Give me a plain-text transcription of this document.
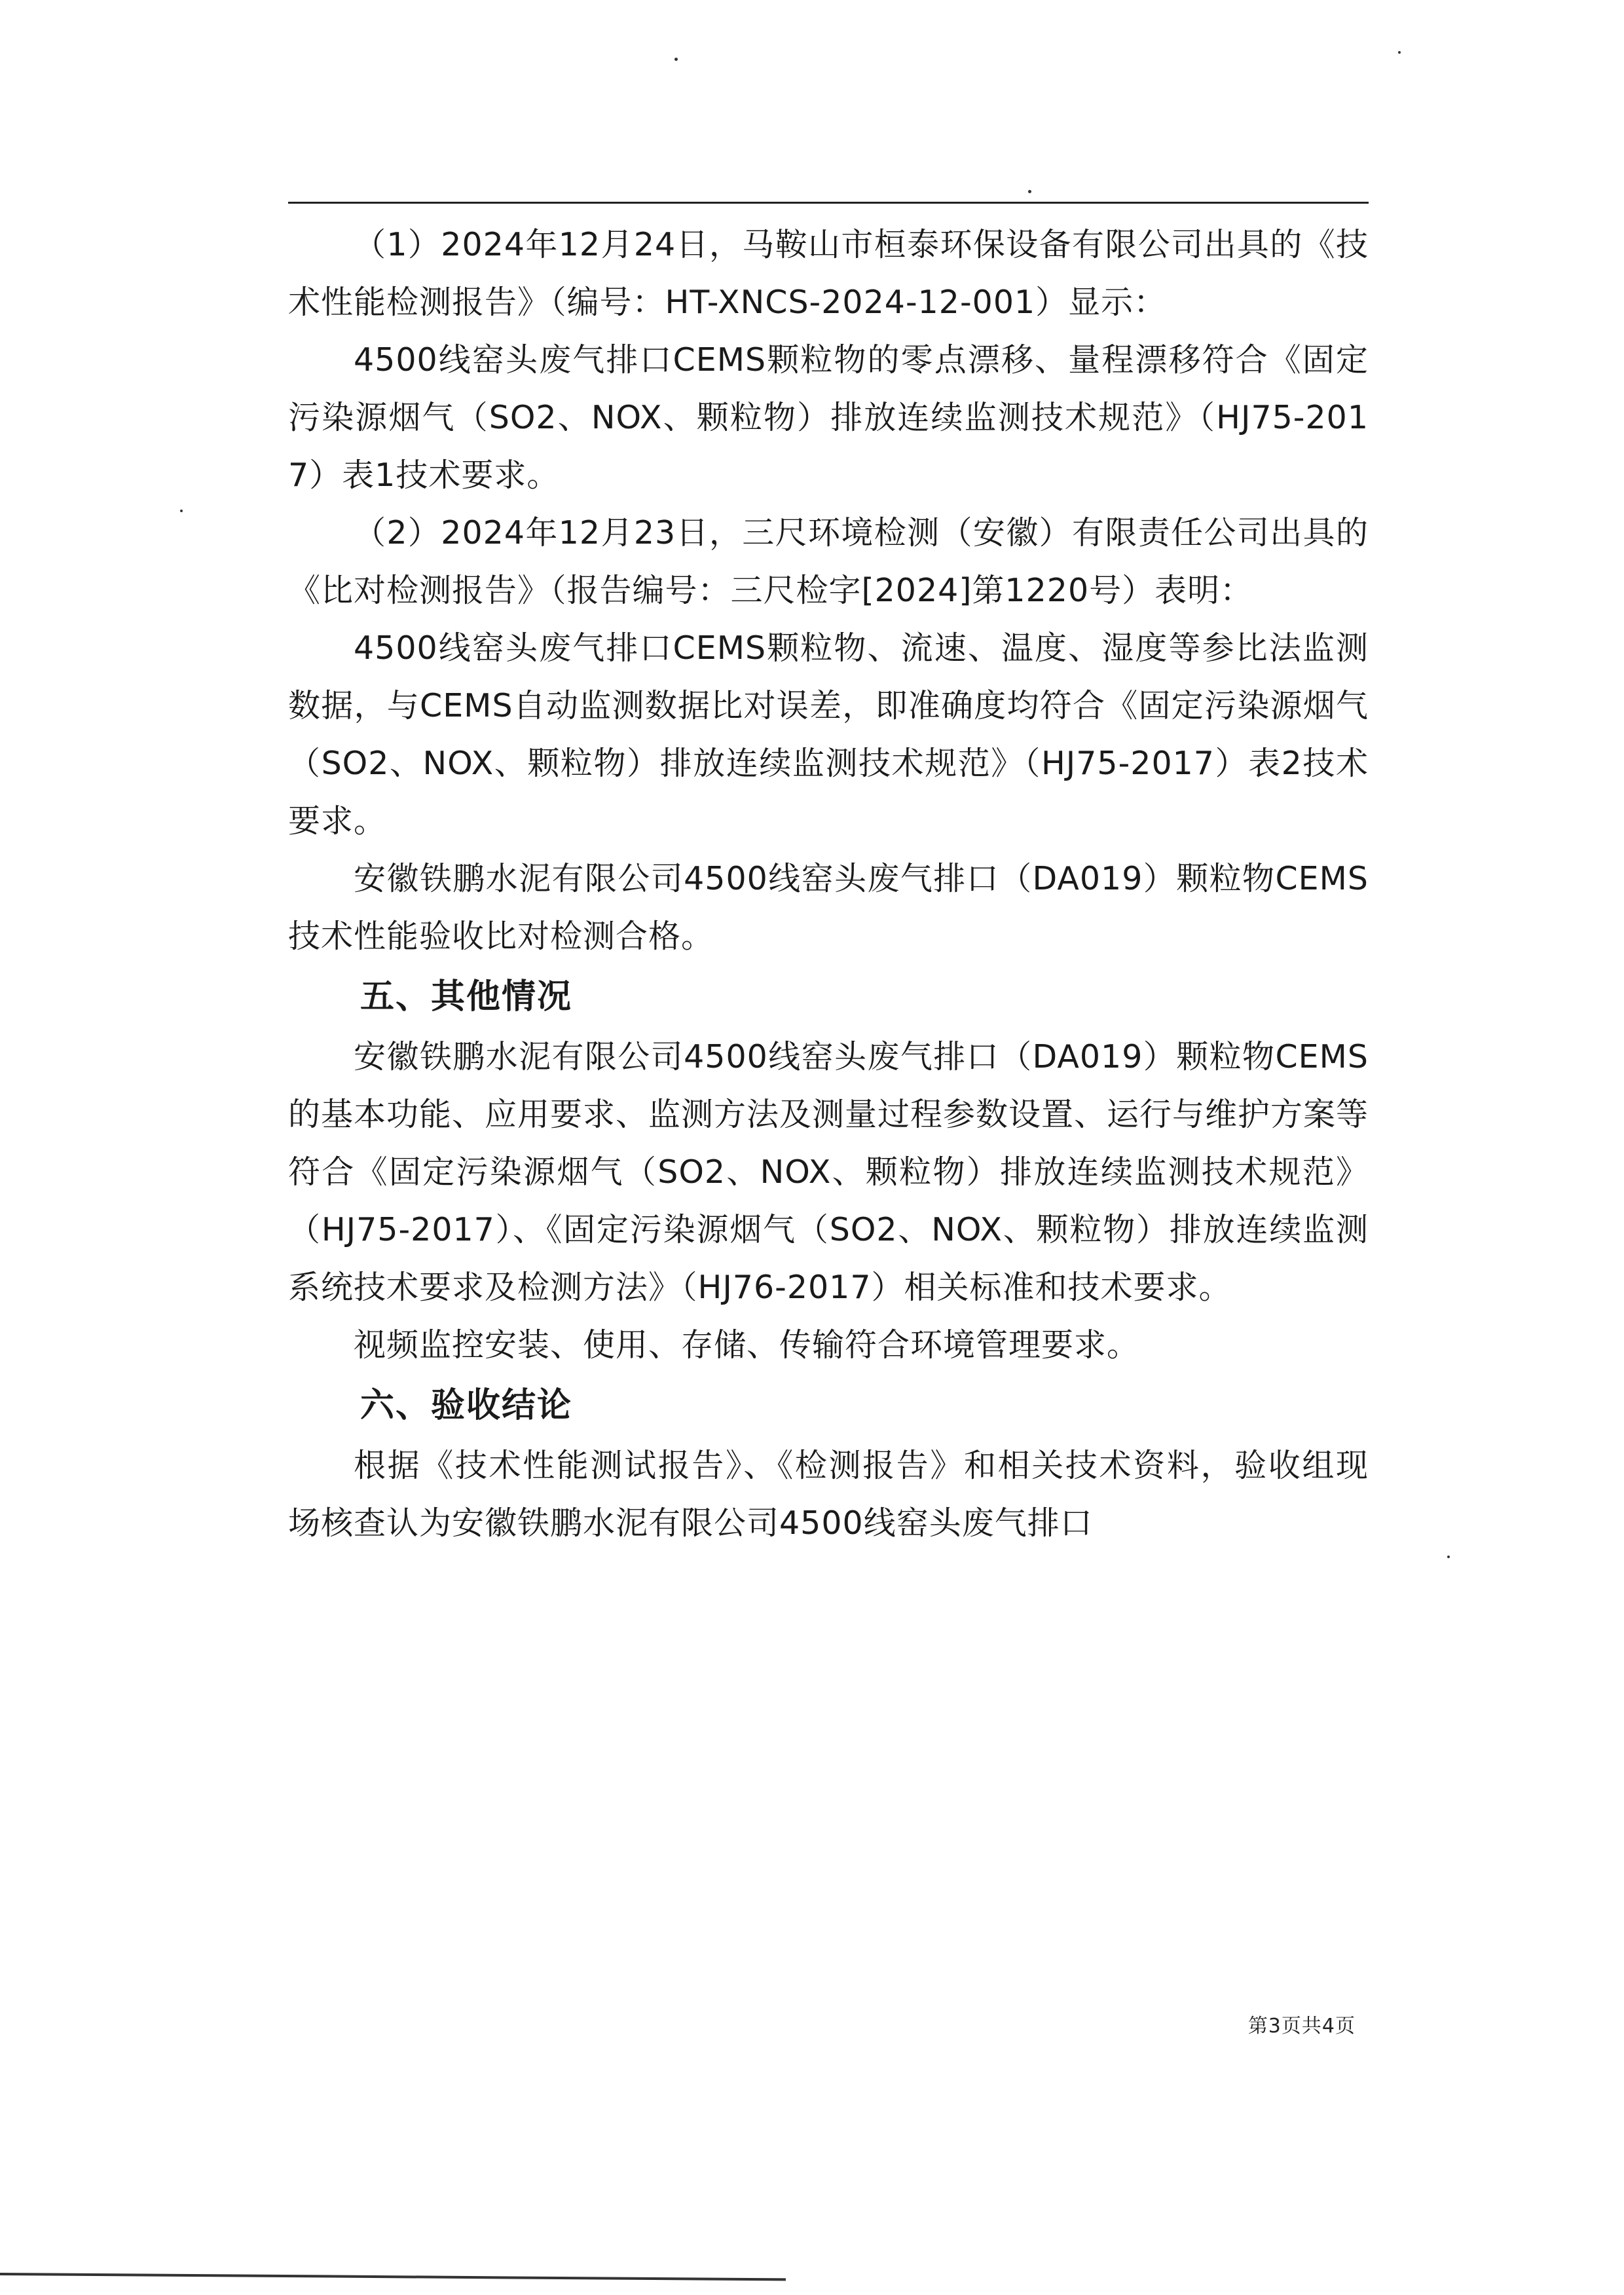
（1）2024年12月24日，马鞍山市桓泰环保设备有限公司出具的《技术性能检测报告》（编号：HT-XNCS-2024-12-001）显示：

4500线窑头废气排口CEMS颗粒物的零点漂移、量程漂移符合《固定污染源烟气（SO2、NOX、颗粒物）排放连续监测技术规范》（HJ75-2017）表1技术要求。

（2）2024年12月23日，三尺环境检测（安徽）有限责任公司出具的《比对检测报告》（报告编号：三尺检字[2024]第1220号）表明：

4500线窑头废气排口CEMS颗粒物、流速、温度、湿度等参比法监测数据，与CEMS自动监测数据比对误差，即准确度均符合《固定污染源烟气（SO2、NOX、颗粒物）排放连续监测技术规范》（HJ75-2017）表2技术要求。

安徽铁鹏水泥有限公司4500线窑头废气排口（DA019）颗粒物CEMS技术性能验收比对检测合格。

五、其他情况

安徽铁鹏水泥有限公司4500线窑头废气排口（DA019）颗粒物CEMS的基本功能、应用要求、监测方法及测量过程参数设置、运行与维护方案等符合《固定污染源烟气（SO2、NOX、颗粒物）排放连续监测技术规范》（HJ75-2017）、《固定污染源烟气（SO2、NOX、颗粒物）排放连续监测系统技术要求及检测方法》（HJ76-2017）相关标准和技术要求。

视频监控安装、使用、存储、传输符合环境管理要求。

六、验收结论

根据《技术性能测试报告》、《检测报告》和相关技术资料，验收组现场核查认为安徽铁鹏水泥有限公司4500线窑头废气排口

第3页共4页
